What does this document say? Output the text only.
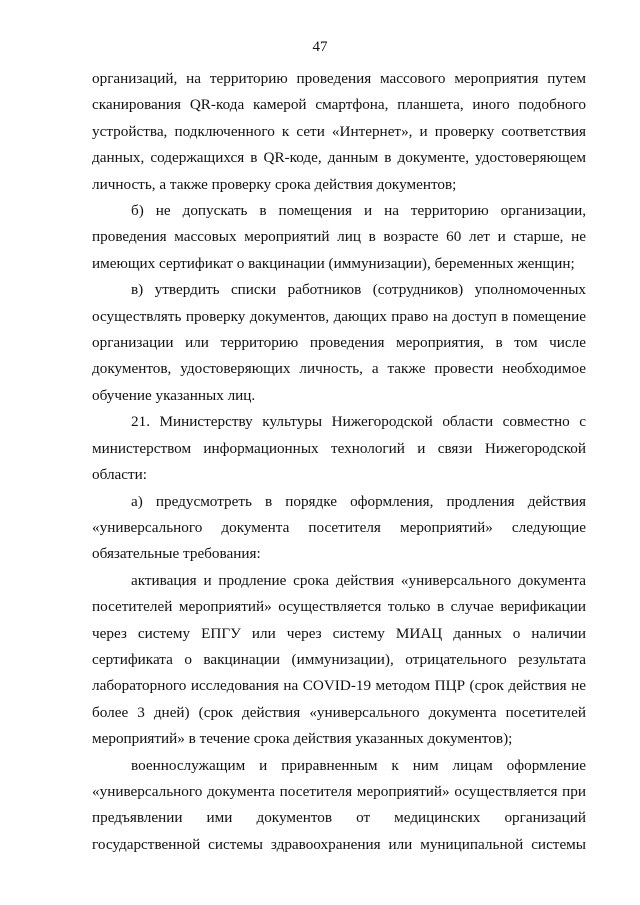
47
организаций, на территорию проведения массового мероприятия путем
сканирования QR-кода камерой смартфона, планшета, иного подобного
устройства, подключенного к сети «Интернет», и проверку соответствия
данных, содержащихся в QR-коде, данным в документе, удостоверяющем
личность, а также проверку срока действия документов;
б) не допускать в помещения и на территорию организации,
проведения массовых мероприятий лиц в возрасте 60 лет и старше, не
имеющих сертификат о вакцинации (иммунизации), беременных женщин;
в) утвердить списки работников (сотрудников) уполномоченных
осуществлять проверку документов, дающих право на доступ в помещение
организации или территорию проведения мероприятия, в том числе
документов, удостоверяющих личность, а также провести необходимое
обучение указанных лиц.
21. Министерству культуры Нижегородской области совместно с
министерством информационных технологий и связи Нижегородской
области:
а) предусмотреть в порядке оформления, продления действия
«универсального документа посетителя мероприятий» следующие
обязательные требования:
активация и продление срока действия «универсального документа
посетителей мероприятий» осуществляется только в случае верификации
через систему ЕПГУ или через систему МИАЦ данных о наличии
сертификата о вакцинации (иммунизации), отрицательного результата
лабораторного исследования на COVID-19 методом ПЦР (срок действия не
более 3 дней) (срок действия «универсального документа посетителей
мероприятий» в течение срока действия указанных документов);
военнослужащим и приравненным к ним лицам оформление
«универсального документа посетителя мероприятий» осуществляется при
предъявлении ими документов от медицинских организаций
государственной системы здравоохранения или муниципальной системы
